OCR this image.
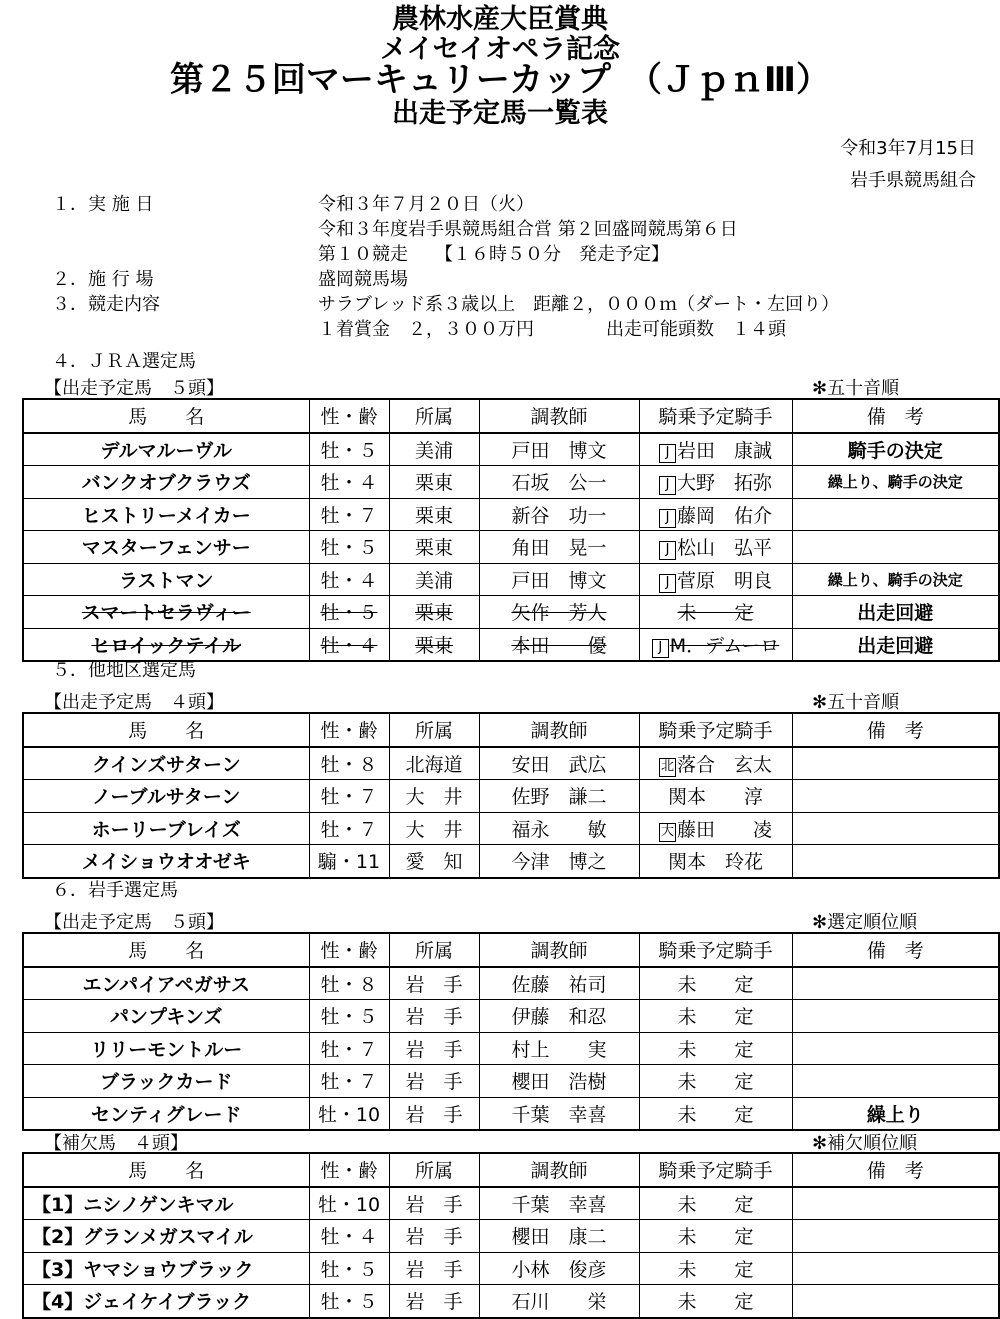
農林水産大臣賞典
メイセイオペラ記念
第２５回マーキュリーカップ　（ＪｐｎⅢ）
出走予定馬一覧表
令和3年7月15日
岩手県競馬組合
１．実 施 日	令和３年７月２０日（火）
令和３年度岩手県競馬組合営 第２回盛岡競馬第６日
第１０競走　　【１６時５０分　発走予定】
２．施 行 場	盛岡競馬場
３．競走内容	サラブレッド系３歳以上　距離２，０００ｍ（ダート・左回り）
１着賞金　２，３００万円　　　　出走可能頭数　１４頭
４．ＪＲＡ選定馬
【出走予定馬　５頭】	✻五十音順
馬　　名	性・齢	所属	調教師	騎乗予定騎手	備　考
デルマルーヴル	牡・５	美浦	戸田　博文	J 岩田　康誠	騎手の決定
バンクオブクラウズ	牡・４	栗東	石坂　公一	J 大野　拓弥	繰上り、騎手の決定
ヒストリーメイカー	牡・７	栗東	新谷　功一	J 藤岡　佑介	
マスターフェンサー	牡・５	栗東	角田　晃一	J 松山　弘平	
ラストマン	牡・４	美浦	戸田　博文	J 菅原　明良	繰上り、騎手の決定
スマートセラヴィー	牡・５	栗東	矢作　芳人	未　　定	出走回避
ヒロイックテイル	牡・４	栗東	本田　　優	J M．デムーロ	出走回避
５．他地区選定馬
【出走予定馬　４頭】	✻五十音順
馬　　名	性・齢	所属	調教師	騎乗予定騎手	備　考
クインズサターン	牡・８	北海道	安田　武広	北 落合　玄太	
ノーブルサターン	牡・７	大　井	佐野　謙二	関本　　淳	
ホーリーブレイズ	牡・７	大　井	福永　　敏	大 藤田　　凌	
メイショウオオゼキ	騸・11	愛　知	今津　博之	関本　玲花	
６．岩手選定馬
【出走予定馬　５頭】	✻選定順位順
馬　　名	性・齢	所属	調教師	騎乗予定騎手	備　考
エンパイアペガサス	牡・８	岩　手	佐藤　祐司	未　　定	
パンプキンズ	牡・５	岩　手	伊藤　和忍	未　　定	
リリーモントルー	牡・７	岩　手	村上　　実	未　　定	
ブラックカード	牡・７	岩　手	櫻田　浩樹	未　　定	
センティグレード	牡・10	岩　手	千葉　幸喜	未　　定	繰上り
【補欠馬　４頭】	✻補欠順位順
馬　　名	性・齢	所属	調教師	騎乗予定騎手	備　考
【1】ニシノゲンキマル	牡・10	岩　手	千葉　幸喜	未　　定	
【2】グランメガスマイル	牡・４	岩　手	櫻田　康二	未　　定	
【3】ヤマショウブラック	牡・５	岩　手	小林　俊彦	未　　定	
【4】ジェイケイブラック	牡・５	岩　手	石川　　栄	未　　定	
